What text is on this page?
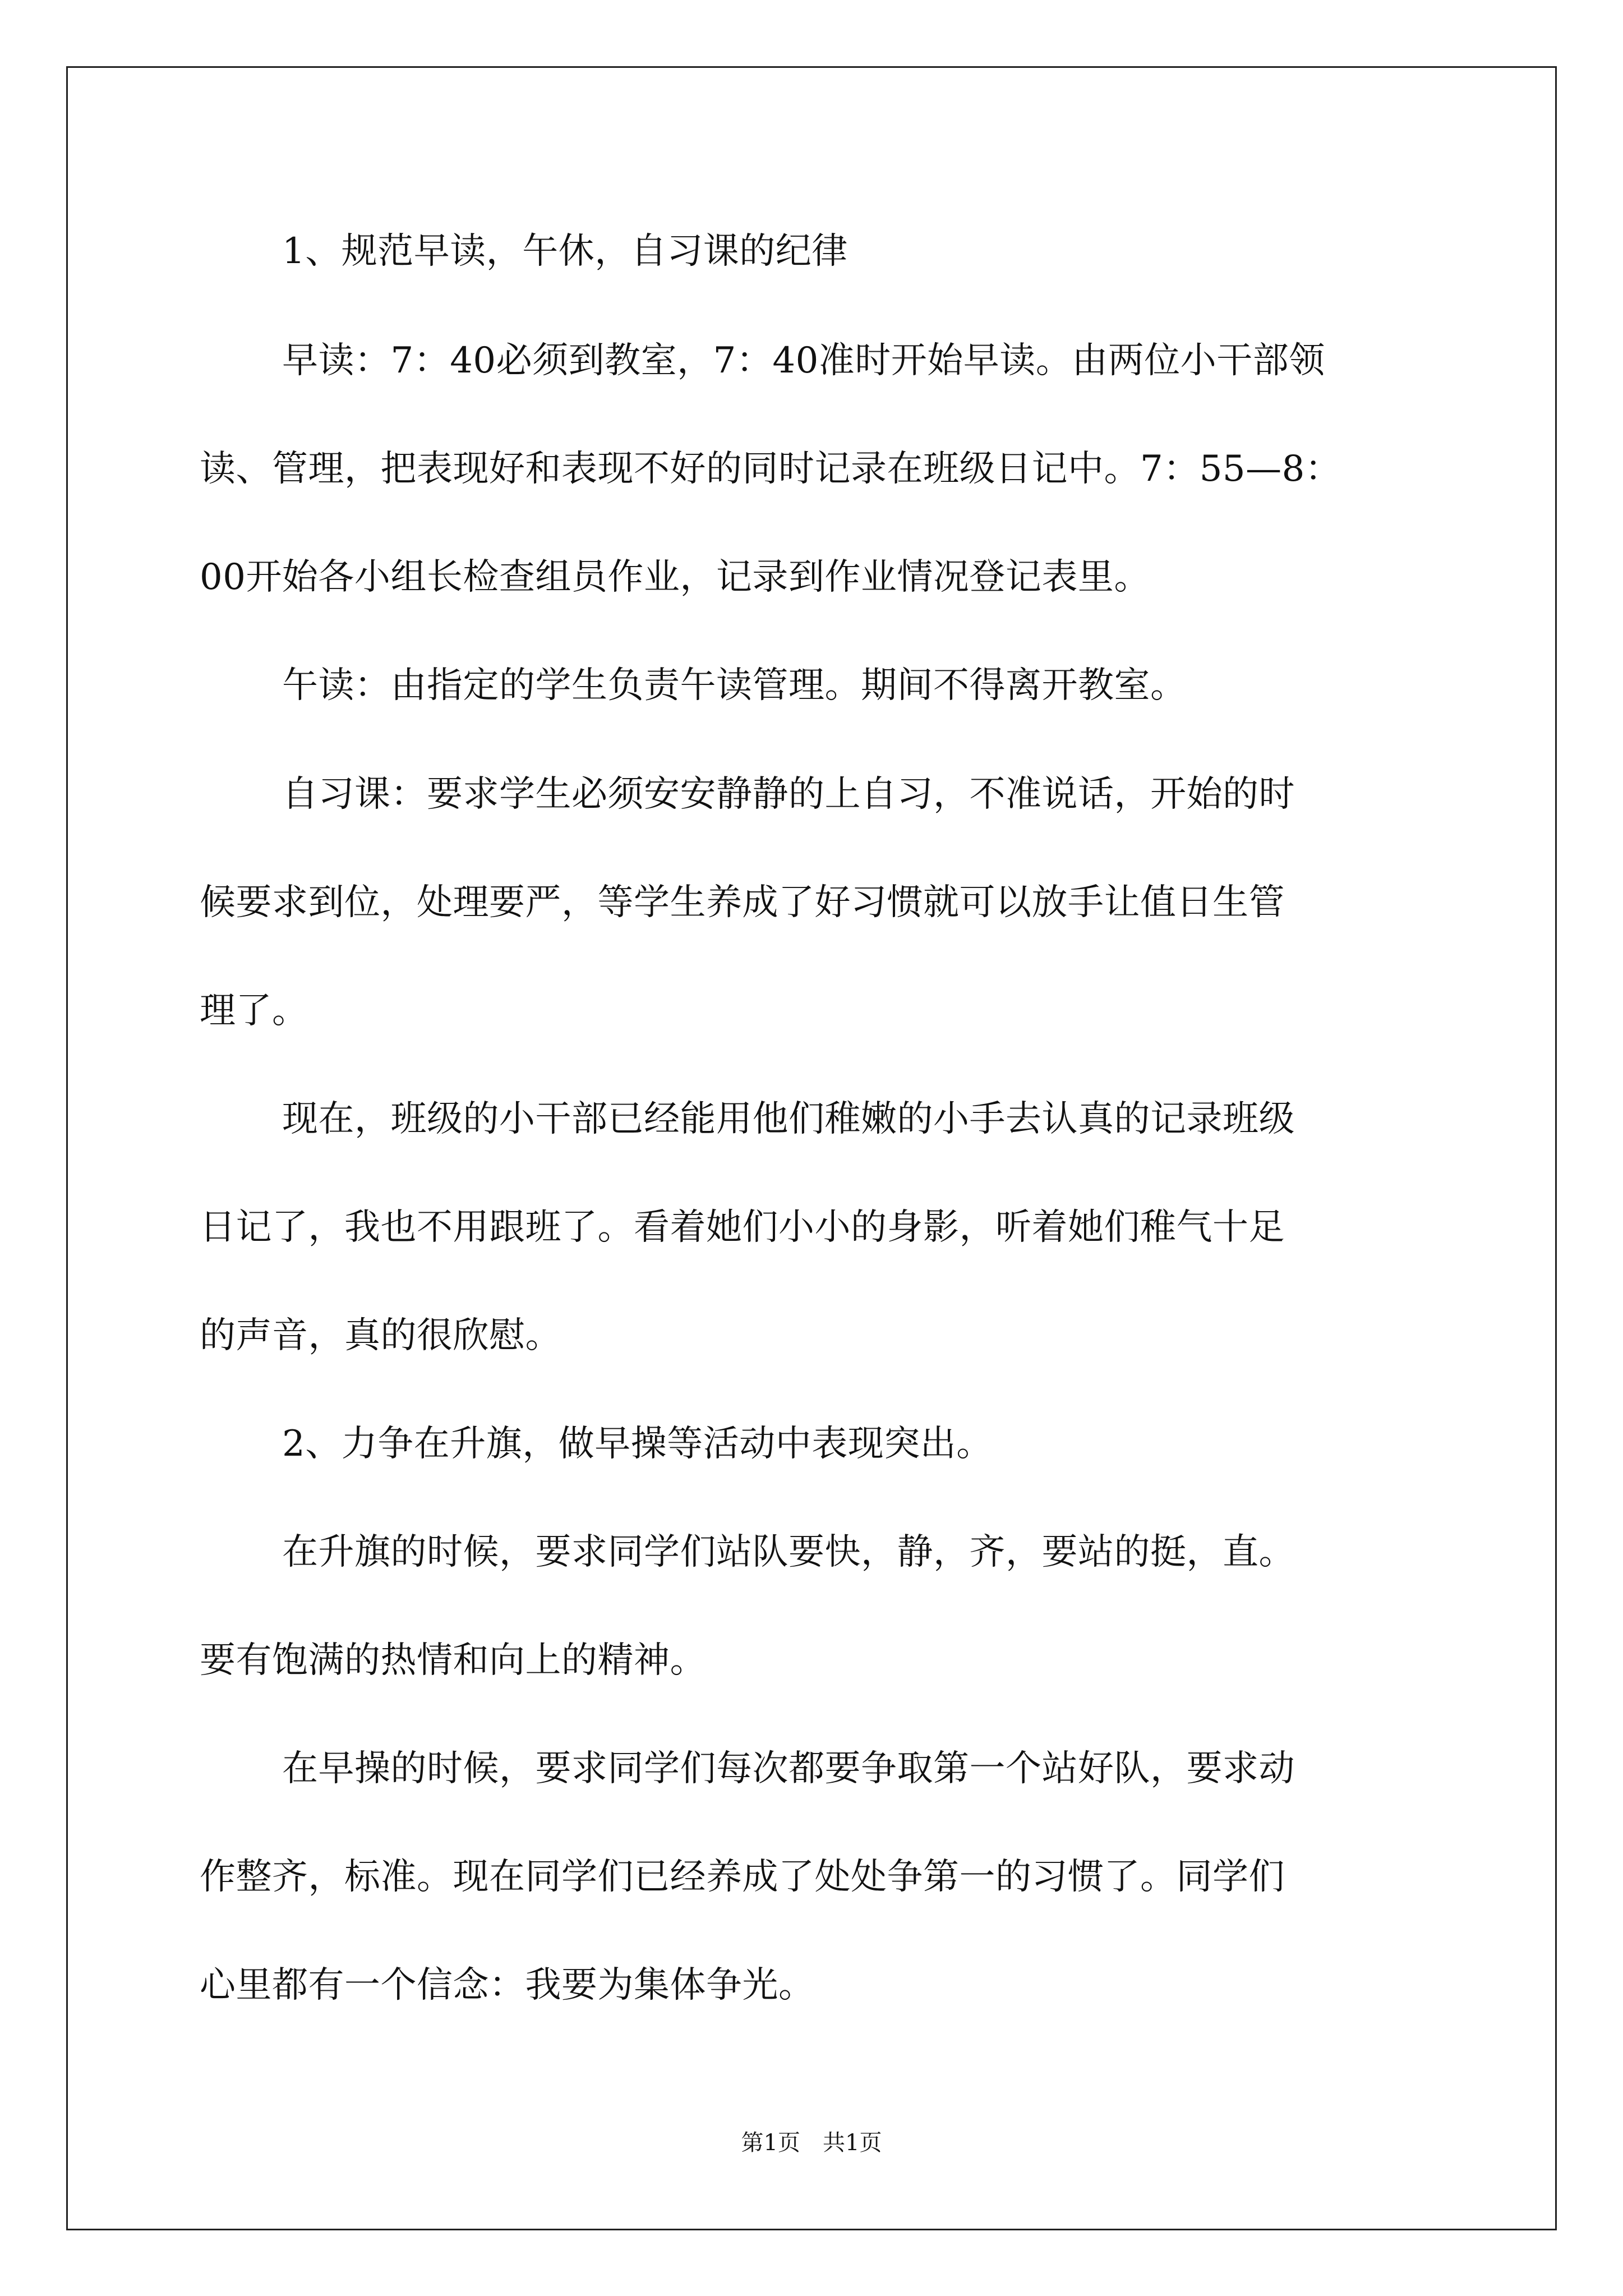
1、规范早读，午休，自习课的纪律
早读：7：40必须到教室，7：40准时开始早读。由两位小干部领
读、管理，把表现好和表现不好的同时记录在班级日记中。7：55—8：
00开始各小组长检查组员作业，记录到作业情况登记表里。
午读：由指定的学生负责午读管理。期间不得离开教室。
自习课：要求学生必须安安静静的上自习，不准说话，开始的时
候要求到位，处理要严，等学生养成了好习惯就可以放手让值日生管
理了。
现在，班级的小干部已经能用他们稚嫩的小手去认真的记录班级
日记了，我也不用跟班了。看着她们小小的身影，听着她们稚气十足
的声音，真的很欣慰。
2、力争在升旗，做早操等活动中表现突出。
在升旗的时候，要求同学们站队要快，静，齐，要站的挺，直。
要有饱满的热情和向上的精神。
在早操的时候，要求同学们每次都要争取第一个站好队，要求动
作整齐，标准。现在同学们已经养成了处处争第一的习惯了。同学们
心里都有一个信念：我要为集体争光。
第1页　共1页
